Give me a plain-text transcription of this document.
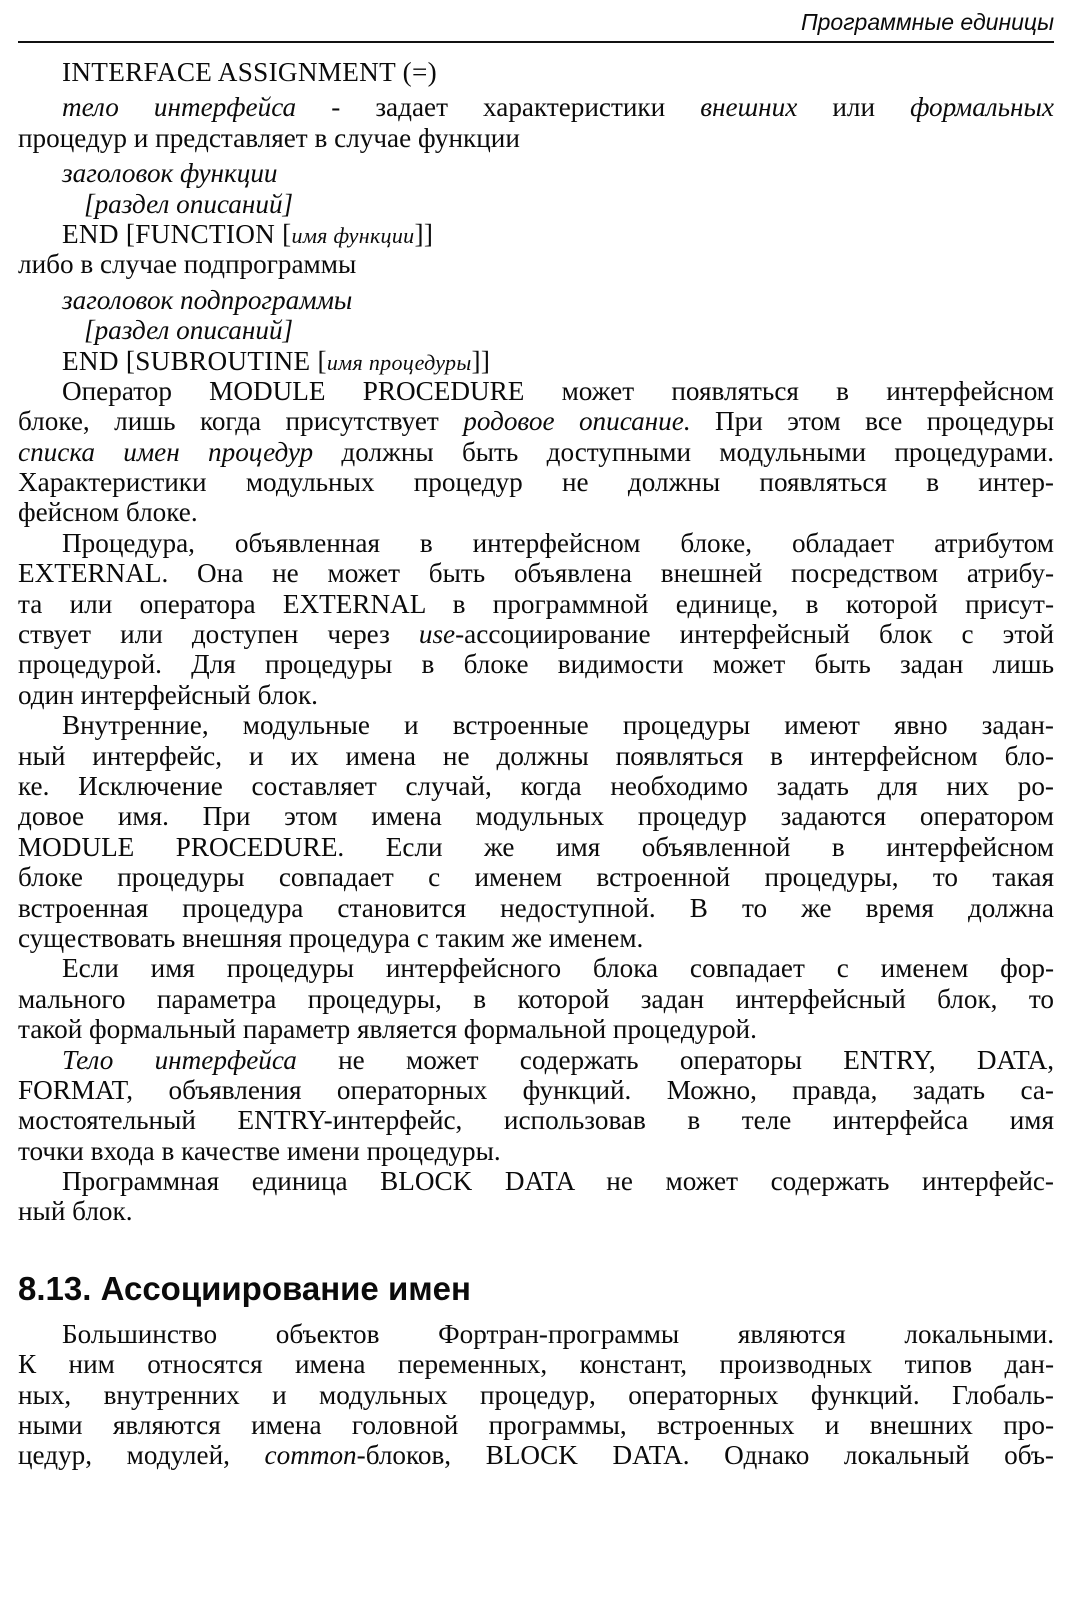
Программные единицы
INTERFACE ASSIGNMENT (=)
тело интерфейса - задает характеристики внешних или формальных
процедур и представляет в случае функции
заголовок функции
[раздел описаний]
END [FUNCTION [имя функции]]
либо в случае подпрограммы
заголовок подпрограммы
[раздел описаний]
END [SUBROUTINE [имя процедуры]]
Оператор MODULE PROCEDURE может появляться в интерфейсном
блоке, лишь когда присутствует родовое описание. При этом все процедуры
списка имен процедур должны быть доступными модульными процедурами.
Характеристики модульных процедур не должны появляться в интер-
фейсном блоке.
Процедура, объявленная в интерфейсном блоке, обладает атрибутом
EXTERNAL. Она не может быть объявлена внешней посредством атрибу-
та или оператора EXTERNAL в программной единице, в которой присут-
ствует или доступен через use-ассоциирование интерфейсный блок с этой
процедурой. Для процедуры в блоке видимости может быть задан лишь
один интерфейсный блок.
Внутренние, модульные и встроенные процедуры имеют явно задан-
ный интерфейс, и их имена не должны появляться в интерфейсном бло-
ке. Исключение составляет случай, когда необходимо задать для них ро-
довое имя. При этом имена модульных процедур задаются оператором
MODULE PROCEDURE. Если же имя объявленной в интерфейсном
блоке процедуры совпадает с именем встроенной процедуры, то такая
встроенная процедура становится недоступной. В то же время должна
существовать внешняя процедура с таким же именем.
Если имя процедуры интерфейсного блока совпадает с именем фор-
мального параметра процедуры, в которой задан интерфейсный блок, то
такой формальный параметр является формальной процедурой.
Тело интерфейса не может содержать операторы ENTRY, DATA,
FORMAT, объявления операторных функций. Можно, правда, задать са-
мостоятельный ENTRY-интерфейс, использовав в теле интерфейса имя
точки входа в качестве имени процедуры.
Программная единица BLOCK DATA не может содержать интерфейс-
ный блок.
8.13. Ассоциирование имен
Большинство объектов Фортран-программы являются локальными.
К ним относятся имена переменных, констант, производных типов дан-
ных, внутренних и модульных процедур, операторных функций. Глобаль-
ными являются имена головной программы, встроенных и внешних про-
цедур, модулей, common-блоков, BLOCK DATA. Однако локальный объ-
